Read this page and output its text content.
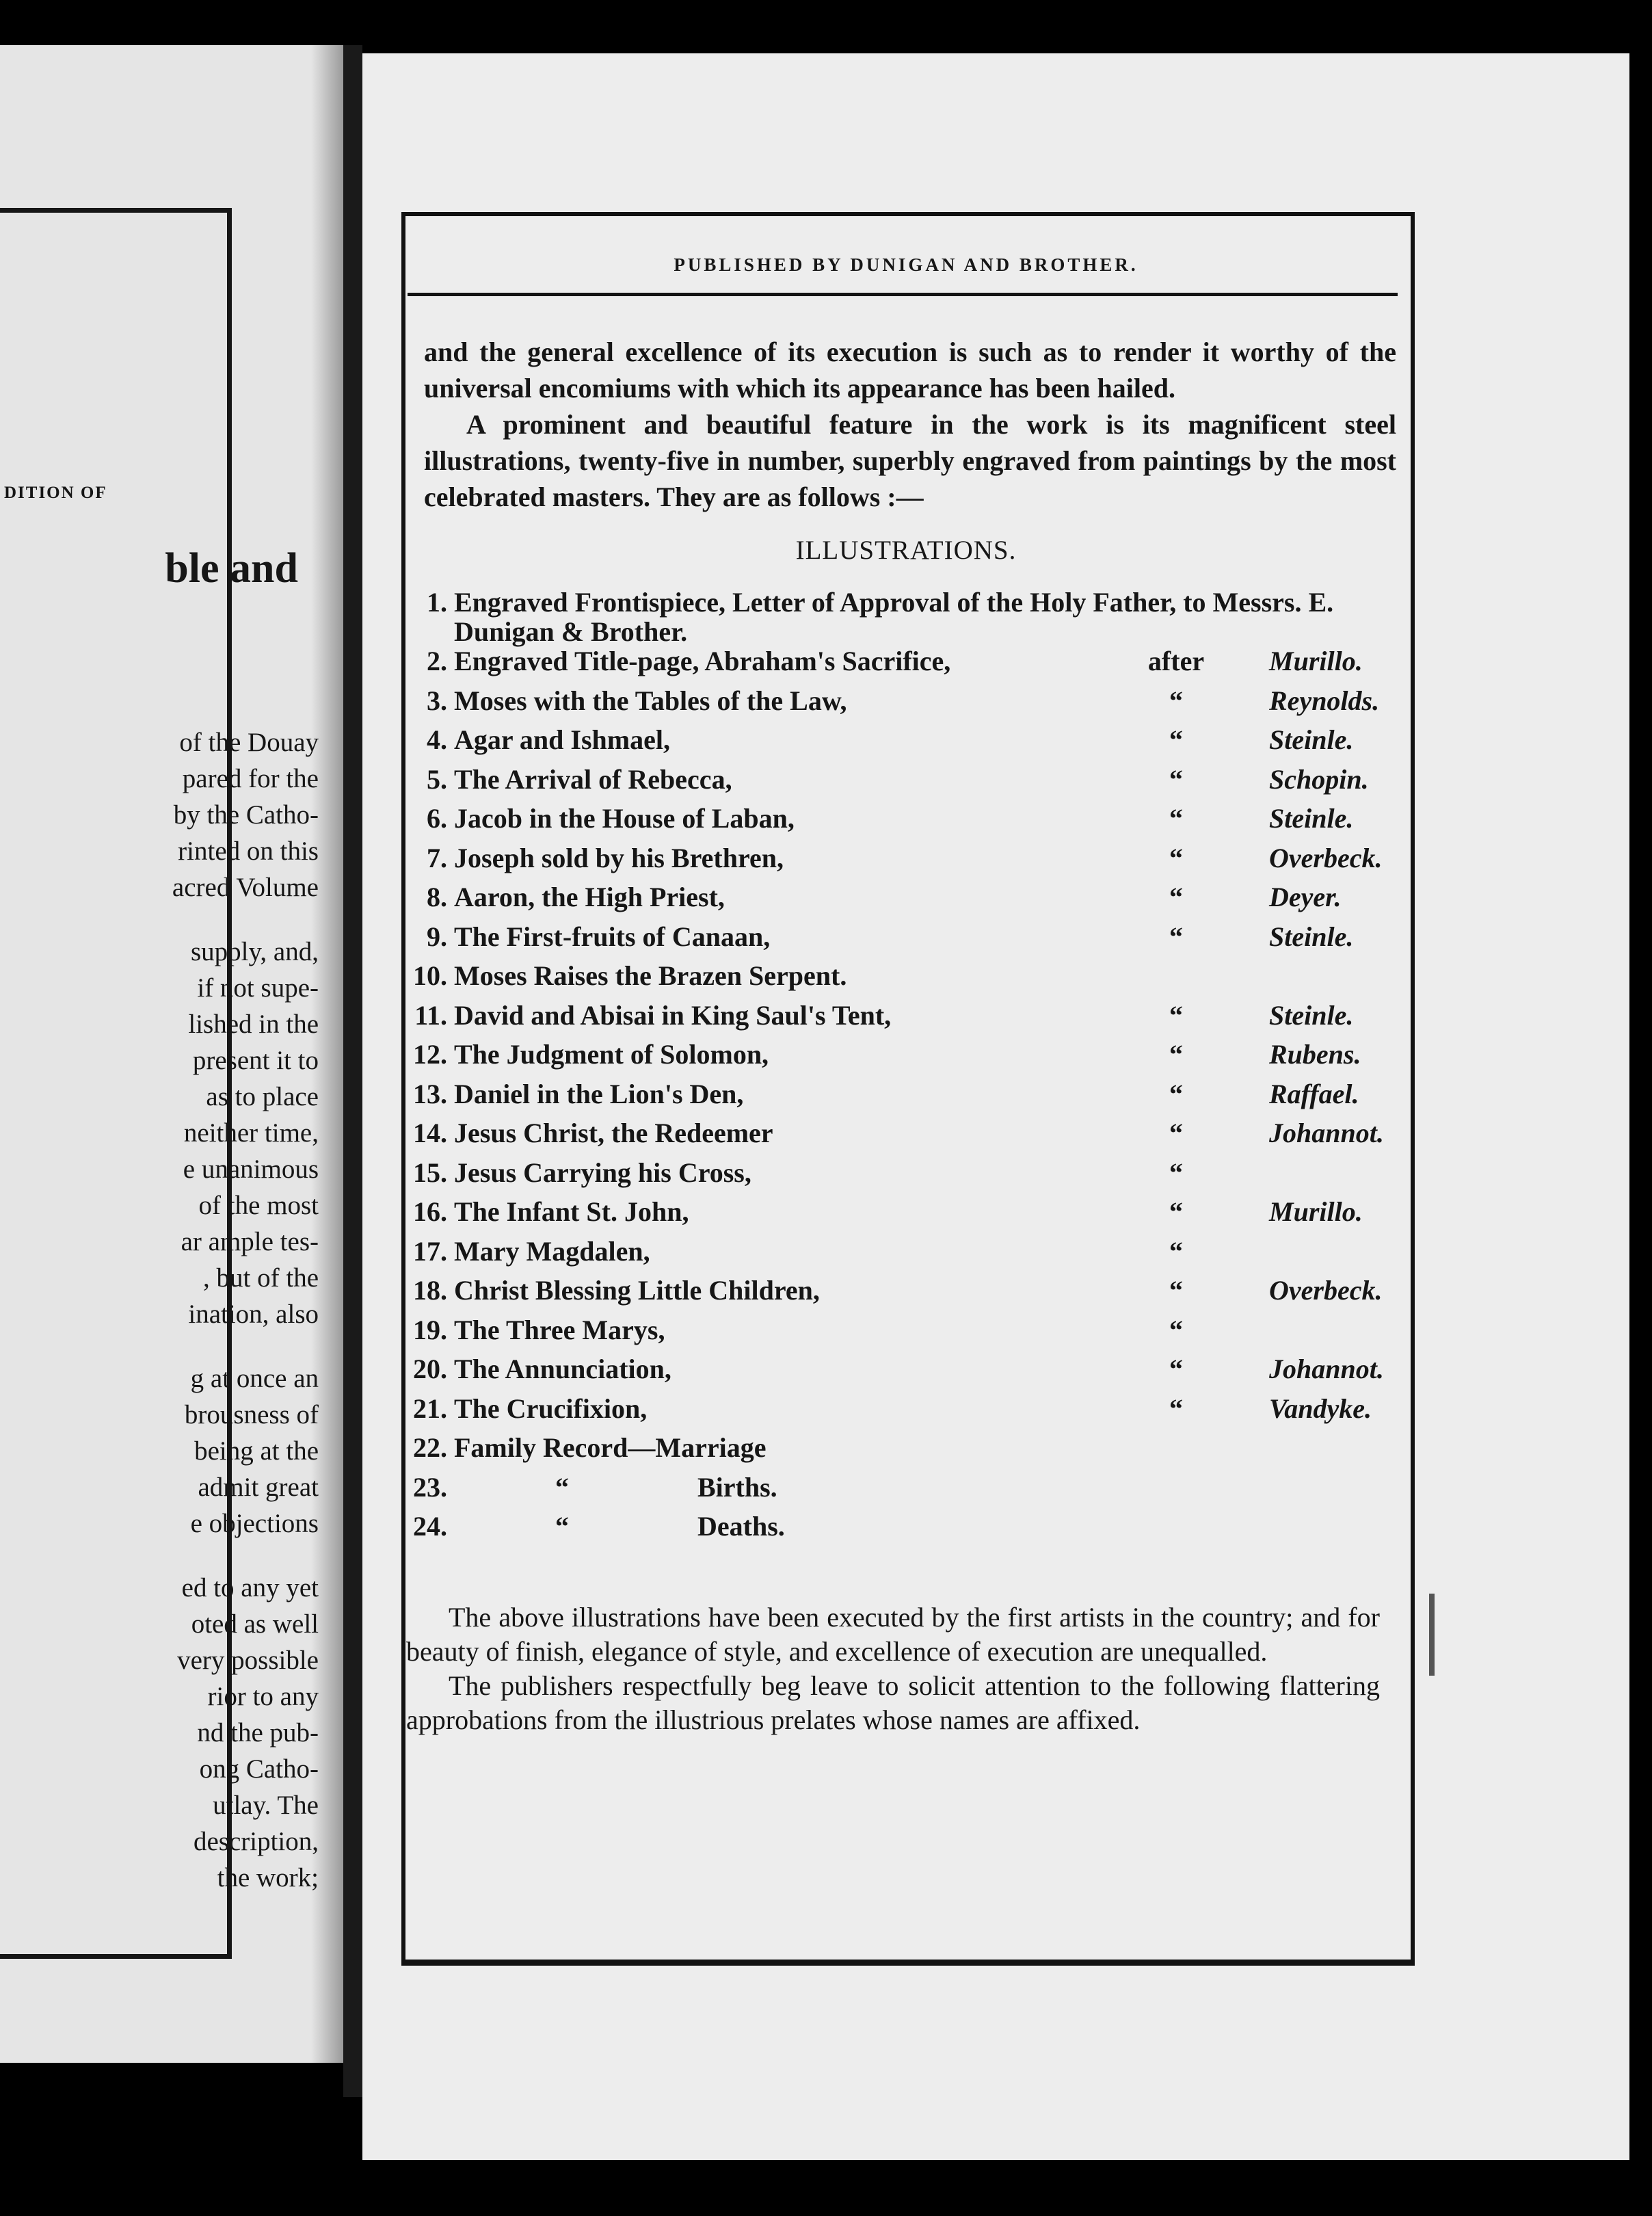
DITION OF

ble and

of the Douay

pared for the

by the Catho-

rinted on this

acred Volume

supply, and,

if not supe-

lished in the

present it to

as to place

neither time,

e unanimous

of the most

ar ample tes-

, but of the

ination, also

g at once an

brousness of

being at the

admit great

e objections

ed to any yet

oted as well

very possible

rior to any

nd the pub-

ong Catho-

utlay. The

description,

the work;

PUBLISHED BY DUNIGAN AND BROTHER.

and the general excellence of its execution is such as to render it worthy of the universal encomiums with which its appearance has been hailed.

A prominent and beautiful feature in the work is its magnificent steel illustrations, twenty-five in number, superbly engraved from paintings by the most celebrated masters. They are as follows :—

ILLUSTRATIONS.

1. Engraved Frontispiece, Letter of Approval of the Holy Father, to Messrs. E. Dunigan & Brother.
2. Engraved Title-page, Abraham's Sacrifice,	after Murillo.
3. Moses with the Tables of the Law,	“	Reynolds.
4. Agar and Ishmael,	“	Steinle.
5. The Arrival of Rebecca,	“	Schopin.
6. Jacob in the House of Laban,	“	Steinle.
7. Joseph sold by his Brethren,	“	Overbeck.
8. Aaron, the High Priest,	“	Deyer.
9. The First-fruits of Canaan,	“	Steinle.
10. Moses Raises the Brazen Serpent.
11. David and Abisai in King Saul's Tent,	“	Steinle.
12. The Judgment of Solomon,	“	Rubens.
13. Daniel in the Lion's Den,	“	Raffael.
14. Jesus Christ, the Redeemer	“	Johannot.
15. Jesus Carrying his Cross,	“
16. The Infant St. John,	“	Murillo.
17. Mary Magdalen,	“
18. Christ Blessing Little Children,	“	Overbeck.
19. The Three Marys,	“
20. The Annunciation,	“	Johannot.
21. The Crucifixion,	“	Vandyke.
22. Family Record—Marriage
23.	“	Births.
24.	“	Deaths.

The above illustrations have been executed by the first artists in the country; and for beauty of finish, elegance of style, and excellence of execution are unequalled.

The publishers respectfully beg leave to solicit attention to the following flattering approbations from the illustrious prelates whose names are affixed.
